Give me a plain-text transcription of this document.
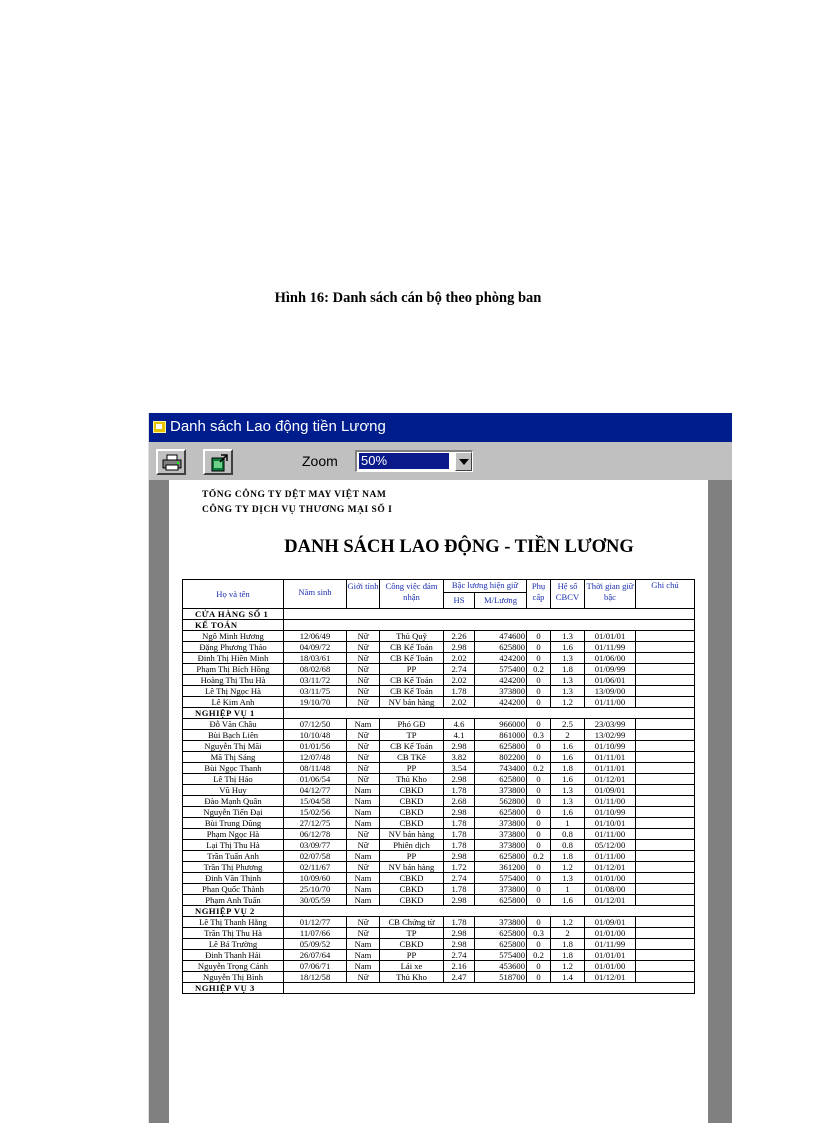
Hình 16: Danh sách cán bộ theo phòng ban
Danh sách Lao động tiền Lương
Zoom 50%
TỔNG CÔNG TY DỆT MAY VIỆT NAM
CÔNG TY DỊCH VỤ THƯƠNG MẠI SỐ I
DANH SÁCH LAO ĐỘNG - TIỀN LƯƠNG
Họ và tên	Năm sinh	Giới tính	Công việc đảm nhận	Bậc lương hiện giữ		Phụ cấp	Hệ số CBCV	Thời gian giữ bậc	Ghi chú
				HS	M/Lương				
CỬA HÀNG SỐ 1									
KẾ TOÁN									
Ngô Minh Hương	12/06/49	Nữ	Thủ Quỹ	2.26	474600	0	1.3	01/01/01	
Đặng Phương Thảo	04/09/72	Nữ	CB Kế Toán	2.98	625800	0	1.6	01/11/99	
Đinh Thị Hiền Minh	18/03/61	Nữ	CB Kế Toán	2.02	424200	0	1.3	01/06/00	
Phạm Thị Bích Hồng	08/02/68	Nữ	PP	2.74	575400	0.2	1.8	01/09/99	
Hoàng Thị Thu Hà	03/11/72	Nữ	CB Kế Toán	2.02	424200	0	1.3	01/06/01	
Lê Thị Ngọc Hà	03/11/75	Nữ	CB Kế Toán	1.78	373800	0	1.3	13/09/00	
Lê Kim Anh	19/10/70	Nữ	NV bán hàng	2.02	424200	0	1.2	01/11/00	
NGHIỆP VỤ 1									
Đỗ Văn Châu	07/12/50	Nam	Phó GĐ	4.6	966000	0	2.5	23/03/99	
Bùi Bạch Liên	10/10/48	Nữ	TP	4.1	861000	0.3	2	13/02/99	
Nguyễn Thị Mãi	01/01/56	Nữ	CB Kế Toán	2.98	625800	0	1.6	01/10/99	
Mã Thị Sáng	12/07/48	Nữ	CB TKê	3.82	802200	0	1.6	01/11/01	
Bùi Ngọc Thanh	08/11/48	Nữ	PP	3.54	743400	0.2	1.8	01/11/01	
Lê Thị Hảo	01/06/54	Nữ	Thủ Kho	2.98	625800	0	1.6	01/12/01	
Vũ Huy	04/12/77	Nam	CBKD	1.78	373800	0	1.3	01/09/01	
Đào Mạnh Quân	15/04/58	Nam	CBKD	2.68	562800	0	1.3	01/11/00	
Nguyễn Tiến Đại	15/02/56	Nam	CBKD	2.98	625800	0	1.6	01/10/99	
Bùi Trung Dũng	27/12/75	Nam	CBKD	1.78	373800	0	1	01/10/01	
Phạm Ngọc Hà	06/12/78	Nữ	NV bán hàng	1.78	373800	0	0.8	01/11/00	
Lại Thị Thu Hà	03/09/77	Nữ	Phiên dịch	1.78	373800	0	0.8	05/12/00	
Trần Tuấn Anh	02/07/58	Nam	PP	2.98	625800	0.2	1.8	01/11/00	
Trần Thị Phương	02/11/67	Nữ	NV bán hàng	1.72	361200	0	1.2	01/12/01	
Đinh Văn Thịnh	10/09/60	Nam	CBKD	2.74	575400	0	1.3	01/01/00	
Phan Quốc Thành	25/10/70	Nam	CBKD	1.78	373800	0	1	01/08/00	
Phạm Anh Tuấn	30/05/59	Nam	CBKD	2.98	625800	0	1.6	01/12/01	
NGHIỆP VỤ 2									
Lê Thị Thanh Hằng	01/12/77	Nữ	CB Chứng từ	1.78	373800	0	1.2	01/09/01	
Trần Thị Thu Hà	11/07/66	Nữ	TP	2.98	625800	0.3	2	01/01/00	
Lê Bá Trường	05/09/52	Nam	CBKD	2.98	625800	0	1.8	01/11/99	
Đinh Thanh Hải	26/07/64	Nam	PP	2.74	575400	0.2	1.8	01/01/01	
Nguyễn Trọng Cảnh	07/06/71	Nam	Lái xe	2.16	453600	0	1.2	01/01/00	
Nguyễn Thị Bình	18/12/58	Nữ	Thủ Kho	2.47	518700	0	1.4	01/12/01	
NGHIỆP VỤ 3									
